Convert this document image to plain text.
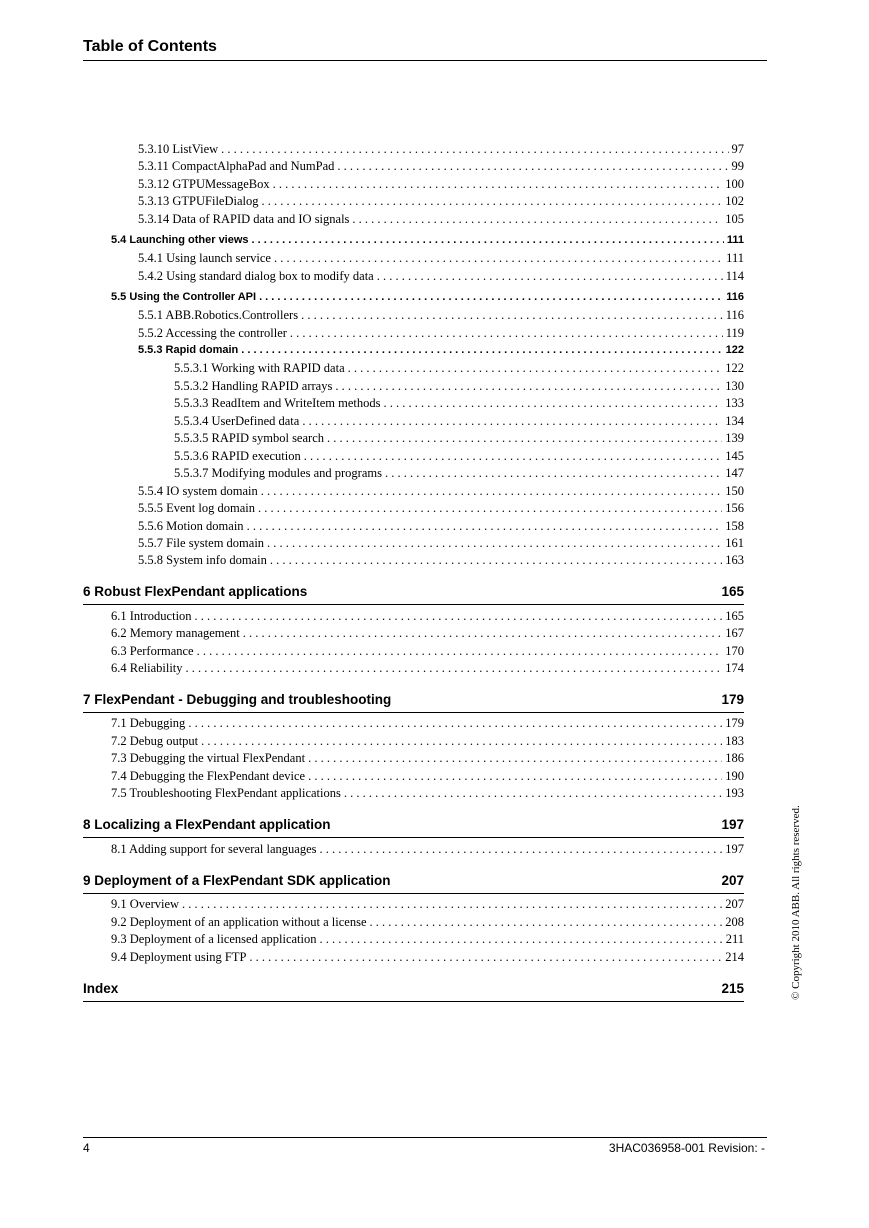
Table of Contents
5.3.10 ListView . . .	97
5.3.11 CompactAlphaPad and NumPad . . .	99
5.3.12 GTPUMessageBox . . .	100
5.3.13 GTPUFileDialog . . .	102
5.3.14 Data of RAPID data and IO signals . . .	105
5.4 Launching other views . . .	111
5.4.1 Using launch service . . .	111
5.4.2 Using standard dialog box to modify data . . .	114
5.5 Using the Controller API . . .	116
5.5.1 ABB.Robotics.Controllers . . .	116
5.5.2 Accessing the controller . . .	119
5.5.3 Rapid domain . . .	122
5.5.3.1 Working with RAPID data . . .	122
5.5.3.2 Handling RAPID arrays . . .	130
5.5.3.3 ReadItem and WriteItem methods . . .	133
5.5.3.4 UserDefined data . . .	134
5.5.3.5 RAPID symbol search . . .	139
5.5.3.6 RAPID execution . . .	145
5.5.3.7 Modifying modules and programs . . .	147
5.5.4 IO system domain . . .	150
5.5.5 Event log domain . . .	156
5.5.6 Motion domain . . .	158
5.5.7 File system domain . . .	161
5.5.8 System info domain . . .	163
6 Robust FlexPendant applications	165
6.1 Introduction . . .	165
6.2 Memory management . . .	167
6.3 Performance . . .	170
6.4 Reliability . . .	174
7 FlexPendant - Debugging and troubleshooting	179
7.1 Debugging . . .	179
7.2 Debug output . . .	183
7.3 Debugging the virtual FlexPendant . . .	186
7.4 Debugging the FlexPendant device . . .	190
7.5 Troubleshooting FlexPendant applications . . .	193
8 Localizing a FlexPendant application	197
8.1 Adding support for several languages . . .	197
9 Deployment of a FlexPendant SDK application	207
9.1 Overview . . .	207
9.2 Deployment of an application without a license . . .	208
9.3 Deployment of a licensed application . . .	211
9.4 Deployment using FTP . . .	214
Index	215	© Copyright 2010 ABB. All rights reserved.
4	3HAC036958-001 Revision: -
